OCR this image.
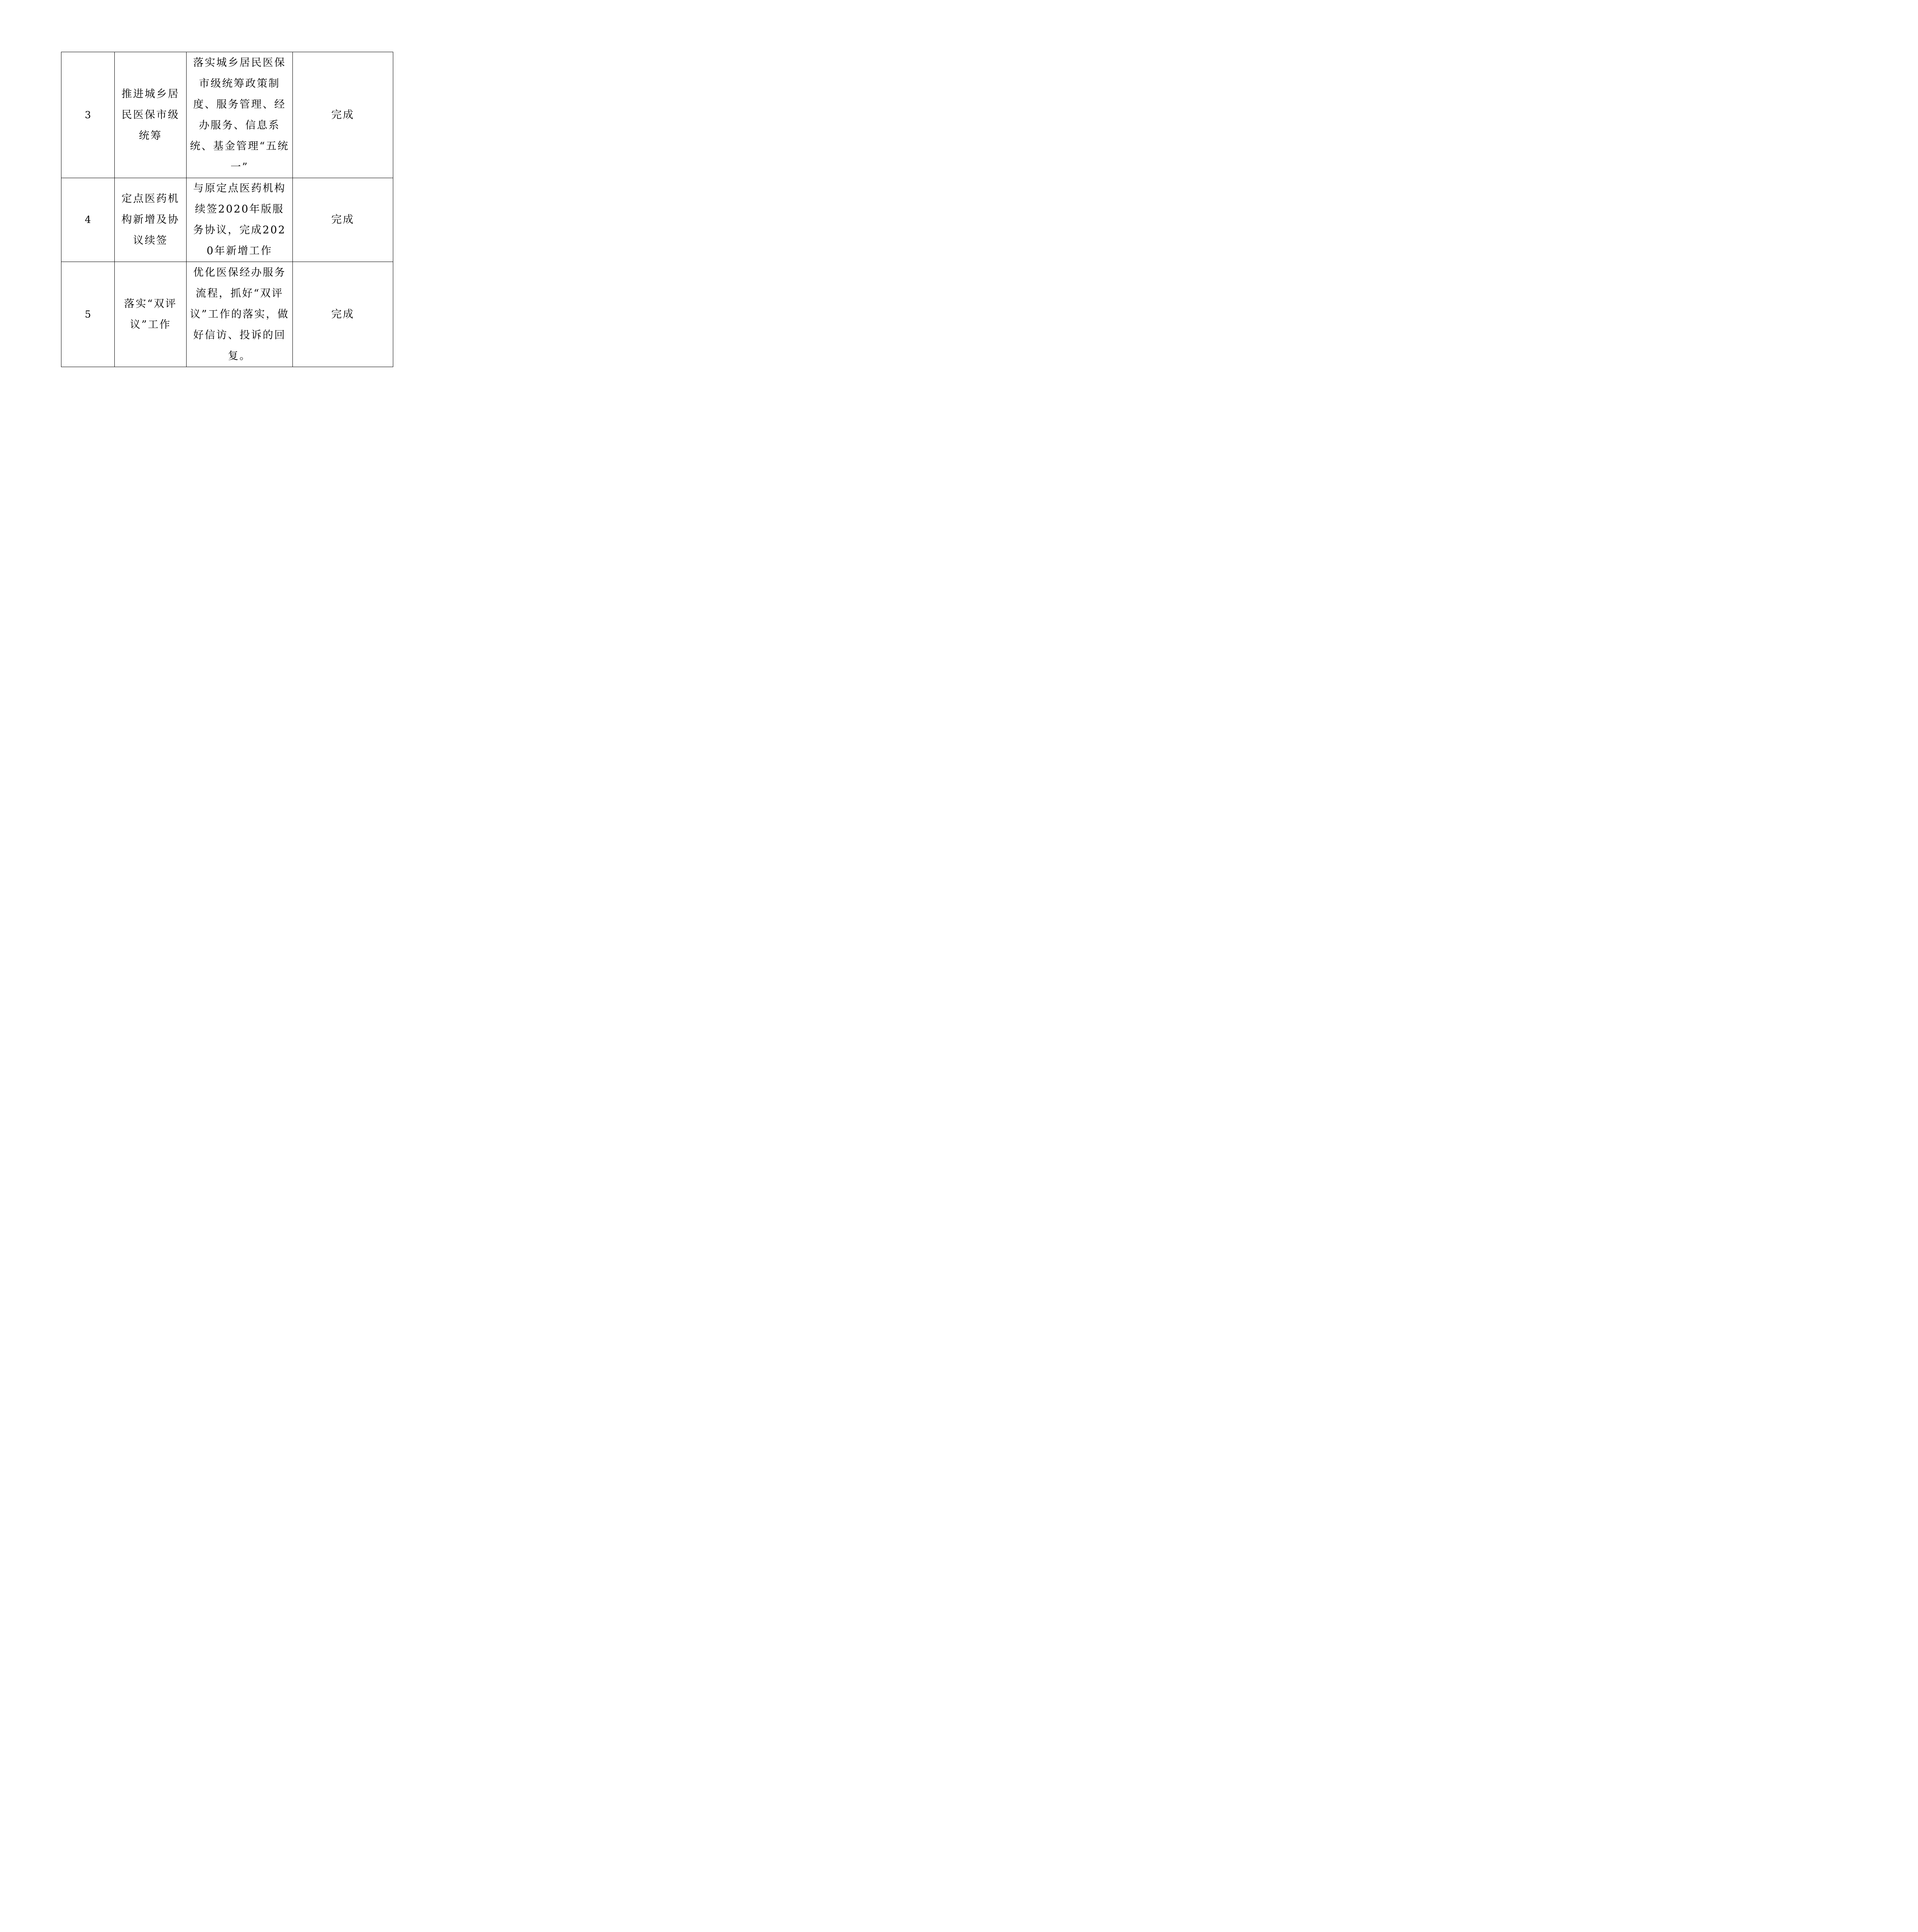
3	推进城乡居民医保市级统筹	落实城乡居民医保市级统筹政策制度、服务管理、经办服务、信息系统、基金管理“五统一”	完成
4	定点医药机构新增及协议续签	与原定点医药机构续签2020年版服务协议，完成2020年新增工作	完成
5	落实“双评议”工作	优化医保经办服务流程，抓好“双评议”工作的落实，做好信访、投诉的回复。	完成
